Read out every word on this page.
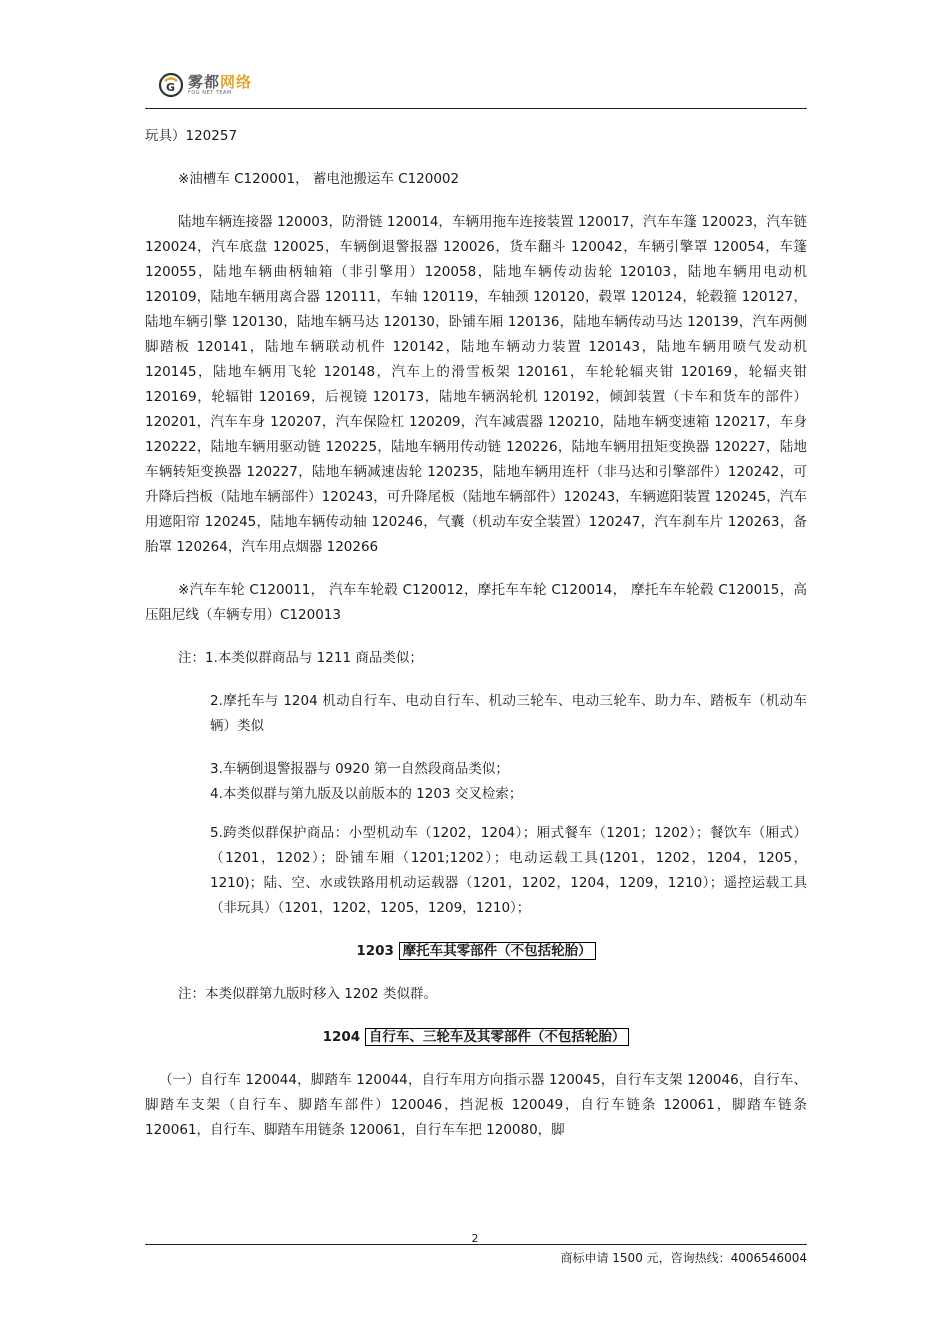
G 雾都网络
FOG NET TEAM

玩具）120257

※油槽车 C120001， 蓄电池搬运车 C120002

陆地车辆连接器 120003，防滑链 120014，车辆用拖车连接装置 120017，汽车车篷 120023，汽车链 120024，汽车底盘 120025，车辆倒退警报器 120026，货车翻斗 120042，车辆引擎罩 120054，车篷 120055，陆地车辆曲柄轴箱（非引擎用）120058，陆地车辆传动齿轮 120103，陆地车辆用电动机 120109，陆地车辆用离合器 120111，车轴 120119，车轴颈 120120，毂罩 120124，轮毂箍 120127，陆地车辆引擎 120130，陆地车辆马达 120130，卧铺车厢 120136，陆地车辆传动马达 120139，汽车两侧脚踏板 120141，陆地车辆联动机件 120142，陆地车辆动力装置 120143，陆地车辆用喷气发动机 120145，陆地车辆用飞轮 120148，汽车上的滑雪板架 120161，车轮轮辐夹钳 120169，轮辐夹钳 120169，轮辐钳 120169，后视镜 120173，陆地车辆涡轮机 120192，倾卸装置（卡车和货车的部件）120201，汽车车身 120207，汽车保险杠 120209，汽车减震器 120210，陆地车辆变速箱 120217，车身 120222，陆地车辆用驱动链 120225，陆地车辆用传动链 120226，陆地车辆用扭矩变换器 120227，陆地车辆转矩变换器 120227，陆地车辆减速齿轮 120235，陆地车辆用连杆（非马达和引擎部件）120242，可升降后挡板（陆地车辆部件）120243，可升降尾板（陆地车辆部件）120243，车辆遮阳装置 120245，汽车用遮阳帘 120245，陆地车辆传动轴 120246，气囊（机动车安全装置）120247，汽车刹车片 120263，备胎罩 120264，汽车用点烟器 120266

※汽车车轮 C120011， 汽车车轮毂 C120012，摩托车车轮 C120014， 摩托车车轮毂 C120015，高压阻尼线（车辆专用）C120013

注：1.本类似群商品与 1211 商品类似；

2.摩托车与 1204 机动自行车、电动自行车、机动三轮车、电动三轮车、助力车、踏板车（机动车辆）类似

3.车辆倒退警报器与 0920 第一自然段商品类似；

4.本类似群与第九版及以前版本的 1203 交叉检索；

5.跨类似群保护商品：小型机动车（1202，1204）；厢式餐车（1201；1202）；餐饮车（厢式）（1201，1202）；卧铺车厢（1201;1202）；电动运载工具(1201，1202，1204，1205，1210)；陆、空、水或铁路用机动运载器（1201，1202，1204，1209，1210）；遥控运载工具（非玩具）（1201，1202，1205，1209，1210）；

1203 摩托车其零部件（不包括轮胎）

注：本类似群第九版时移入 1202 类似群。

1204 自行车、三轮车及其零部件（不包括轮胎）

（一）自行车 120044，脚踏车 120044，自行车用方向指示器 120045，自行车支架 120046，自行车、脚踏车支架（自行车、脚踏车部件）120046，挡泥板 120049，自行车链条 120061，脚踏车链条 120061，自行车、脚踏车用链条 120061，自行车车把 120080，脚

2
商标申请 1500 元，咨询热线：4006546004
